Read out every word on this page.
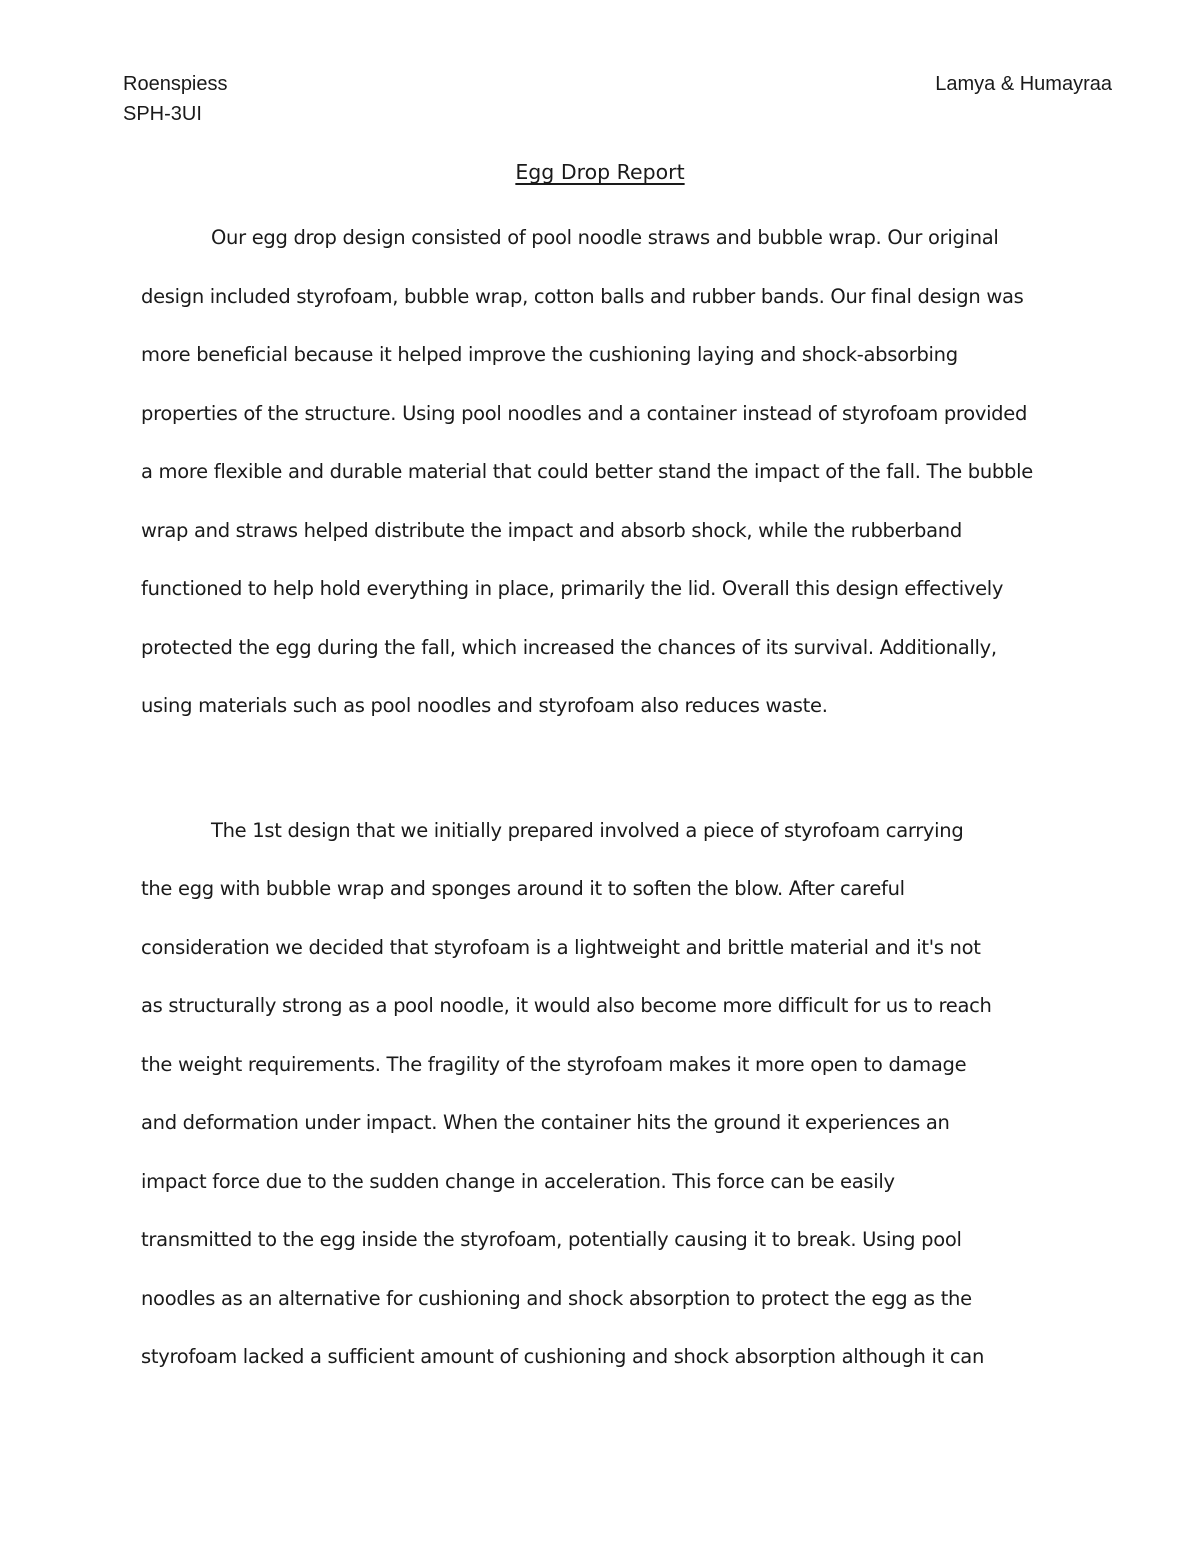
Roenspiess
SPH-3UI
Lamya & Humayraa
Egg Drop Report
Our egg drop design consisted of pool noodle straws and bubble wrap. Our original
design included styrofoam, bubble wrap, cotton balls and rubber bands. Our final design was
more beneficial because it helped improve the cushioning laying and shock-absorbing
properties of the structure. Using pool noodles and a container instead of styrofoam provided
a more flexible and durable material that could better stand the impact of the fall. The bubble
wrap and straws helped distribute the impact and absorb shock, while the rubberband
functioned to help hold everything in place, primarily the lid. Overall this design effectively
protected the egg during the fall, which increased the chances of its survival. Additionally,
using materials such as pool noodles and styrofoam also reduces waste.
The 1st design that we initially prepared involved a piece of styrofoam carrying
the egg with bubble wrap and sponges around it to soften the blow. After careful
consideration we decided that styrofoam is a lightweight and brittle material and it's not
as structurally strong as a pool noodle, it would also become more difficult for us to reach
the weight requirements. The fragility of the styrofoam makes it more open to damage
and deformation under impact. When the container hits the ground it experiences an
impact force due to the sudden change in acceleration. This force can be easily
transmitted to the egg inside the styrofoam, potentially causing it to break. Using pool
noodles as an alternative for cushioning and shock absorption to protect the egg as the
styrofoam lacked a sufficient amount of cushioning and shock absorption although it can
